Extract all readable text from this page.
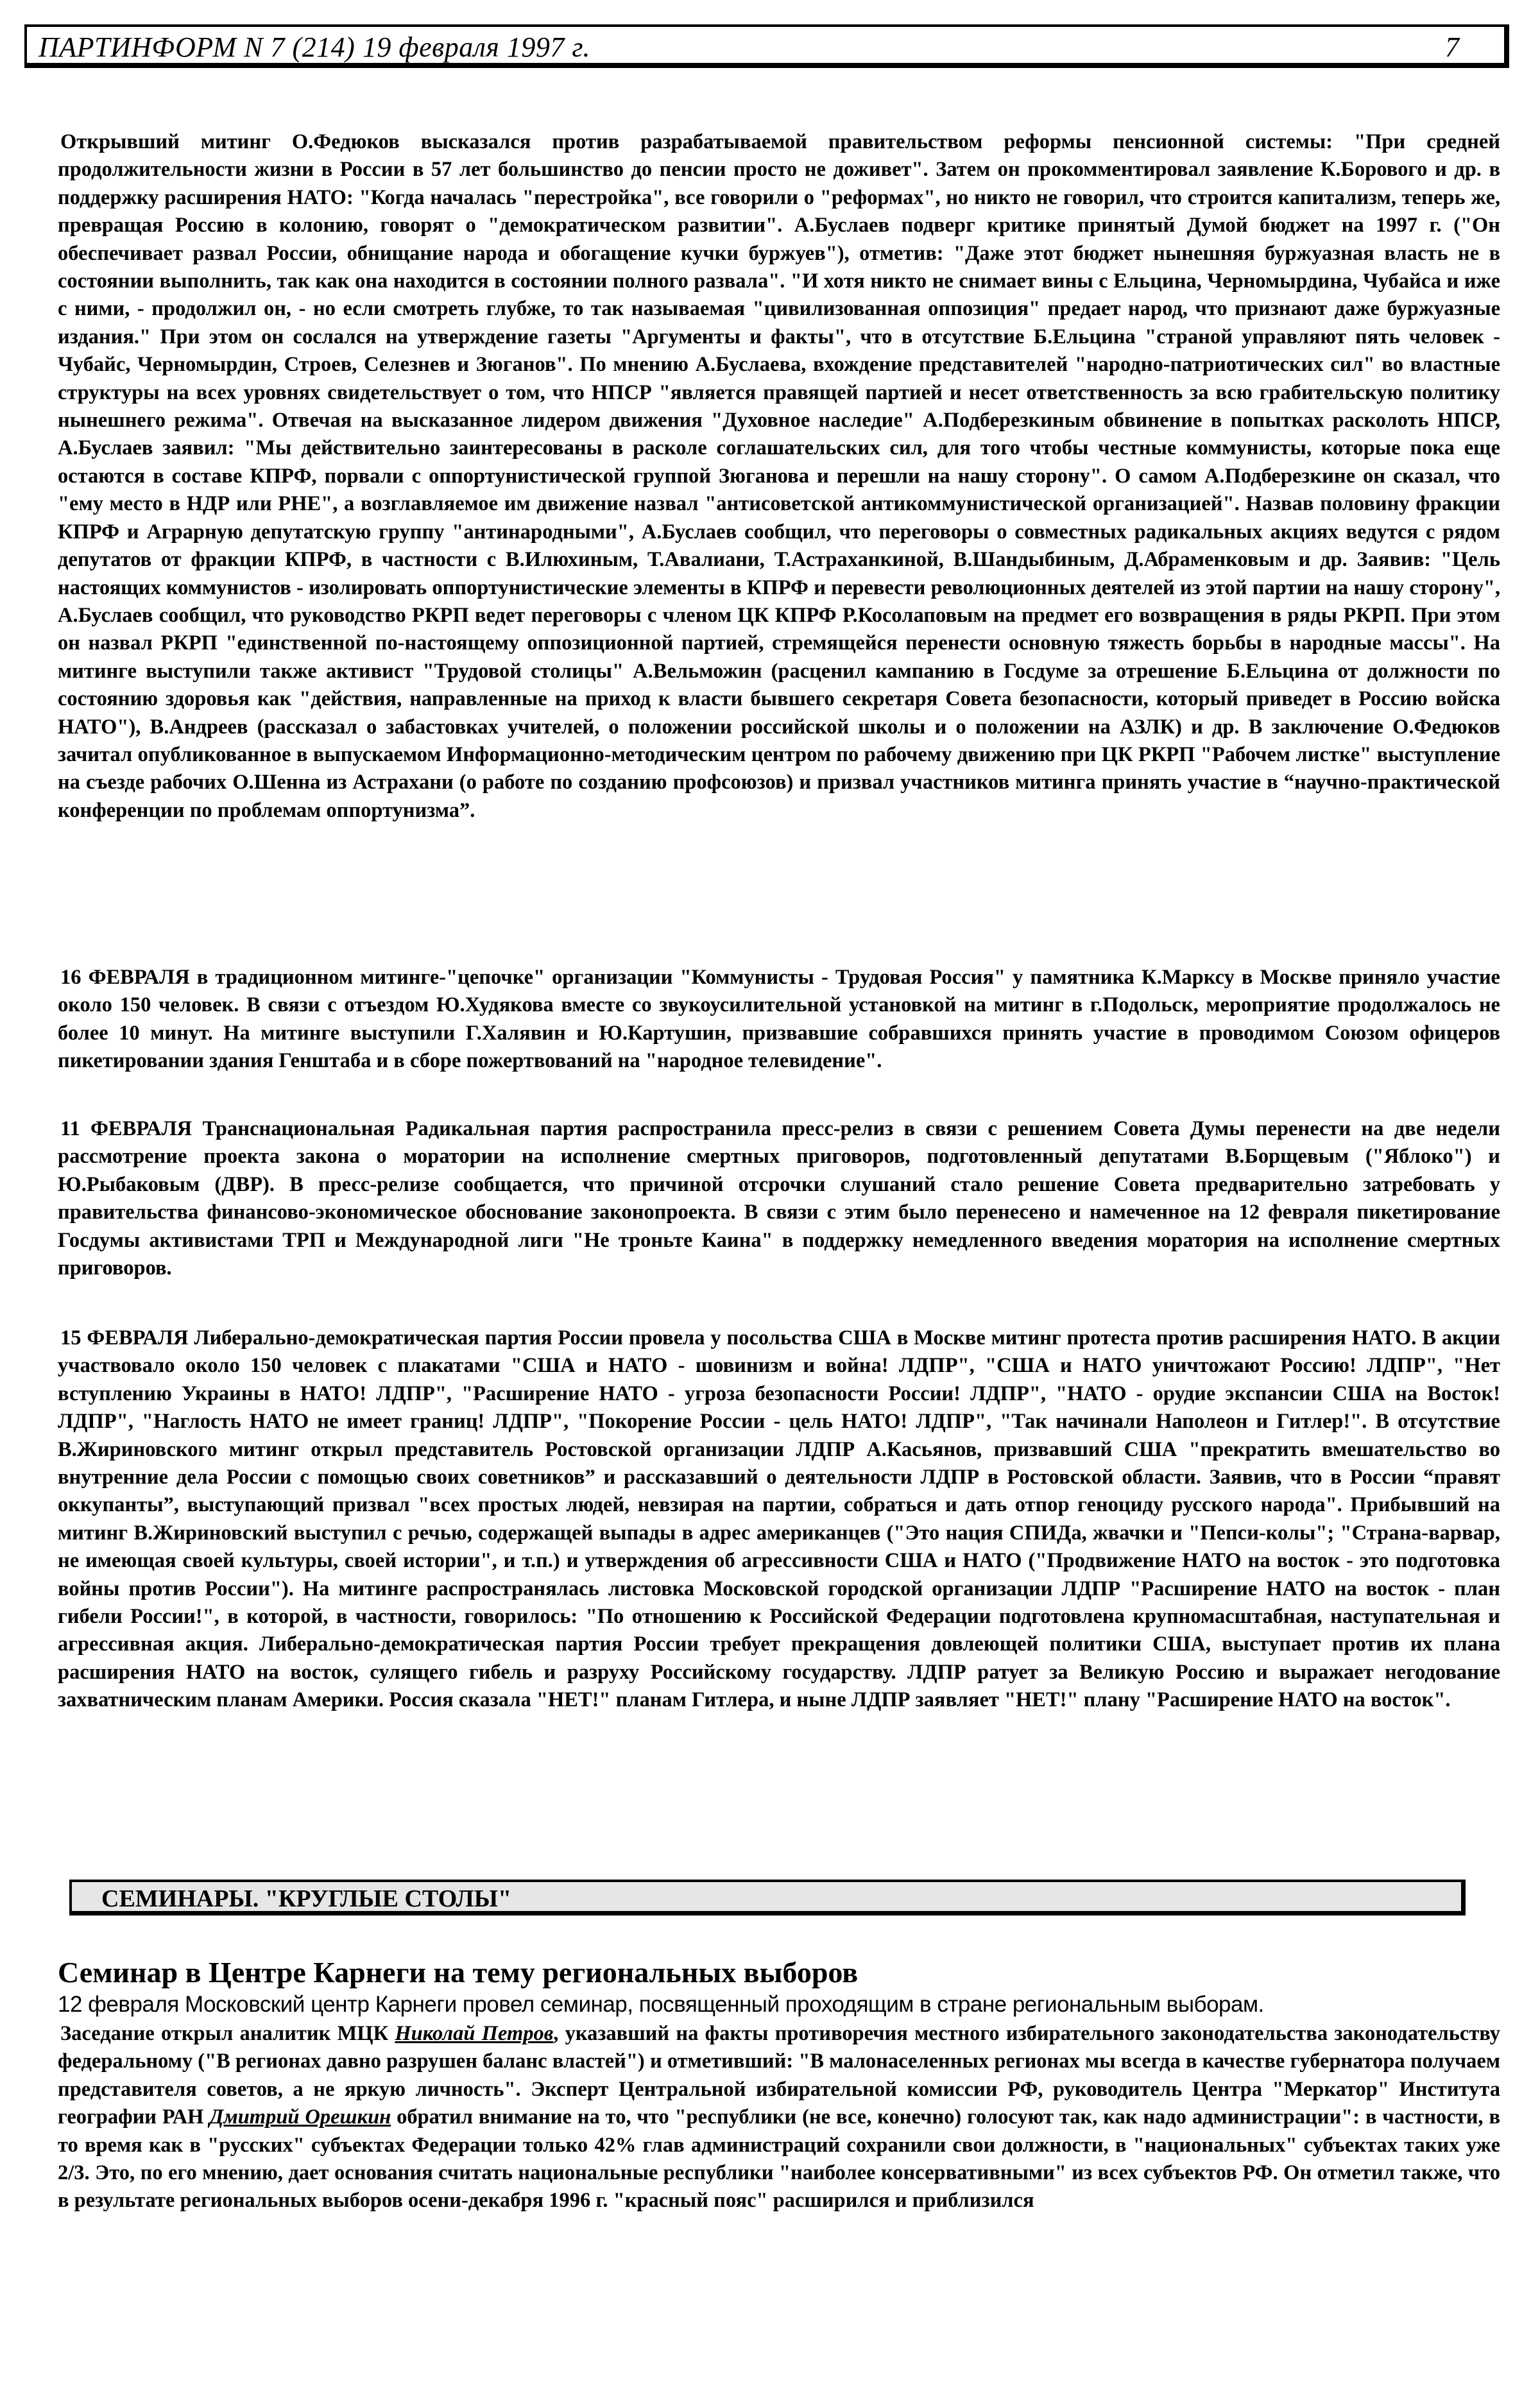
ПАРТИНФОРМ N 7 (214) 19 февраля 1997 г.	7

Открывший митинг О.Федюков высказался против разрабатываемой правительством реформы пенсионной системы: "При средней продолжительности жизни в России в 57 лет большинство до пенсии просто не доживет". Затем он прокомментировал заявление К.Борового и др. в поддержку расширения НАТО: "Когда началась "перестройка", все говорили о "реформах", но никто не говорил, что строится капитализм, теперь же, превращая Россию в колонию, говорят о "демократическом развитии". А.Буслаев подверг критике принятый Думой бюджет на 1997 г. ("Он обеспечивает развал России, обнищание народа и обогащение кучки буржуев"), отметив: "Даже этот бюджет нынешняя буржуазная власть не в состоянии выполнить, так как она находится в состоянии полного развала". "И хотя никто не снимает вины с Ельцина, Черномырдина, Чубайса и иже с ними, - продолжил он, - но если смотреть глубже, то так называемая "цивилизованная оппозиция" предает народ, что признают даже буржуазные издания." При этом он сослался на утверждение газеты "Аргументы и факты", что в отсутствие Б.Ельцина "страной управляют пять человек - Чубайс, Черномырдин, Строев, Селезнев и Зюганов". По мнению А.Буслаева, вхождение представителей "народно-патриотических сил" во властные структуры на всех уровнях свидетельствует о том, что НПСР "является правящей партией и несет ответственность за всю грабительскую политику нынешнего режима". Отвечая на высказанное лидером движения "Духовное наследие" А.Подберезкиным обвинение в попытках расколоть НПСР, А.Буслаев заявил: "Мы действительно заинтересованы в расколе соглашательских сил, для того чтобы честные коммунисты, которые пока еще остаются в составе КПРФ, порвали с оппортунистической группой Зюганова и перешли на нашу сторону". О самом А.Подберезкине он сказал, что "ему место в НДР или РНЕ", а возглавляемое им движение назвал "антисоветской антикоммунистической организацией". Назвав половину фракции КПРФ и Аграрную депутатскую группу "антинародными", А.Буслаев сообщил, что переговоры о совместных радикальных акциях ведутся с рядом депутатов от фракции КПРФ, в частности с В.Илюхиным, Т.Авалиани, Т.Астраханкиной, В.Шандыбиным, Д.Абраменковым и др. Заявив: "Цель настоящих коммунистов - изолировать оппортунистические элементы в КПРФ и перевести революционных деятелей из этой партии на нашу сторону", А.Буслаев сообщил, что руководство РКРП ведет переговоры с членом ЦК КПРФ Р.Косолаповым на предмет его возвращения в ряды РКРП. При этом он назвал РКРП "единственной по-настоящему оппозиционной партией, стремящейся перенести основную тяжесть борьбы в народные массы". На митинге выступили также активист "Трудовой столицы" А.Вельможин (расценил кампанию в Госдуме за отрешение Б.Ельцина от должности по состоянию здоровья как "действия, направленные на приход к власти бывшего секретаря Совета безопасности, который приведет в Россию войска НАТО"), В.Андреев (рассказал о забастовках учителей, о положении российской школы и о положении на АЗЛК) и др. В заключение О.Федюков зачитал опубликованное в выпускаемом Информационно-методическим центром по рабочему движению при ЦК РКРП "Рабочем листке" выступление на съезде рабочих О.Шенна из Астрахани (о работе по созданию профсоюзов) и призвал участников митинга принять участие в “научно-практической конференции по проблемам оппортунизма”.

16 ФЕВРАЛЯ в традиционном митинге-"цепочке" организации "Коммунисты - Трудовая Россия" у памятника К.Марксу в Москве приняло участие около 150 человек. В связи с отъездом Ю.Худякова вместе со звукоусилительной установкой на митинг в г.Подольск, мероприятие продолжалось не более 10 минут. На митинге выступили Г.Халявин и Ю.Картушин, призвавшие собравшихся принять участие в проводимом Союзом офицеров пикетировании здания Генштаба и в сборе пожертвований на "народное телевидение".

11 ФЕВРАЛЯ Транснациональная Радикальная партия распространила пресс-релиз в связи с решением Совета Думы перенести на две недели рассмотрение проекта закона о моратории на исполнение смертных приговоров, подготовленный депутатами В.Борщевым ("Яблоко") и Ю.Рыбаковым (ДВР). В пресс-релизе сообщается, что причиной отсрочки слушаний стало решение Совета предварительно затребовать у правительства финансово-экономическое обоснование законопроекта. В связи с этим было перенесено и намеченное на 12 февраля пикетирование Госдумы активистами ТРП и Международной лиги "Не троньте Каина" в поддержку немедленного введения моратория на исполнение смертных приговоров.

15 ФЕВРАЛЯ Либерально-демократическая партия России провела у посольства США в Москве митинг протеста против расширения НАТО. В акции участвовало около 150 человек с плакатами "США и НАТО - шовинизм и война! ЛДПР", "США и НАТО уничтожают Россию! ЛДПР", "Нет вступлению Украины в НАТО! ЛДПР", "Расширение НАТО - угроза безопасности России! ЛДПР", "НАТО - орудие экспансии США на Восток! ЛДПР", "Наглость НАТО не имеет границ! ЛДПР", "Покорение России - цель НАТО! ЛДПР", "Так начинали Наполеон и Гитлер!". В отсутствие В.Жириновского митинг открыл представитель Ростовской организации ЛДПР А.Касьянов, призвавший США "прекратить вмешательство во внутренние дела России с помощью своих советников” и рассказавший о деятельности ЛДПР в Ростовской области. Заявив, что в России “правят оккупанты”, выступающий призвал "всех простых людей, невзирая на партии, собраться и дать отпор геноциду русского народа". Прибывший на митинг В.Жириновский выступил с речью, содержащей выпады в адрес американцев ("Это нация СПИДа, жвачки и "Пепси-колы"; "Страна-варвар, не имеющая своей культуры, своей истории", и т.п.) и утверждения об агрессивности США и НАТО ("Продвижение НАТО на восток - это подготовка войны против России"). На митинге распространялась листовка Московской городской организации ЛДПР "Расширение НАТО на восток - план гибели России!", в которой, в частности, говорилось: "По отношению к Российской Федерации подготовлена крупномасштабная, наступательная и агрессивная акция. Либерально-демократическая партия России требует прекращения довлеющей политики США, выступает против их плана расширения НАТО на восток, сулящего гибель и разруху Российскому государству. ЛДПР ратует за Великую Россию и выражает негодование захватническим планам Америки. Россия сказала "НЕТ!" планам Гитлера, и ныне ЛДПР заявляет "НЕТ!" плану "Расширение НАТО на восток".

СЕМИНАРЫ. "КРУГЛЫЕ СТОЛЫ"
Семинар в Центре Карнеги на тему региональных выборов
12 февраля Московский центр Карнеги провел семинар, посвященный проходящим в стране региональным выборам.

Заседание открыл аналитик МЦК Николай Петров, указавший на факты противоречия местного избирательного законодательства законодательству федеральному ("В регионах давно разрушен баланс властей") и отметивший: "В малонаселенных регионах мы всегда в качестве губернатора получаем представителя советов, а не яркую личность". Эксперт Центральной избирательной комиссии РФ, руководитель Центра "Меркатор" Института географии РАН Дмитрий Орешкин обратил внимание на то, что "республики (не все, конечно) голосуют так, как надо администрации": в частности, в то время как в "русских" субъектах Федерации только 42% глав администраций сохранили свои должности, в "национальных" субъектах таких уже 2/3. Это, по его мнению, дает основания считать национальные республики "наиболее консервативными" из всех субъектов РФ. Он отметил также, что в результате региональных выборов осени-декабря 1996 г. "красный пояс" расширился и приблизился
